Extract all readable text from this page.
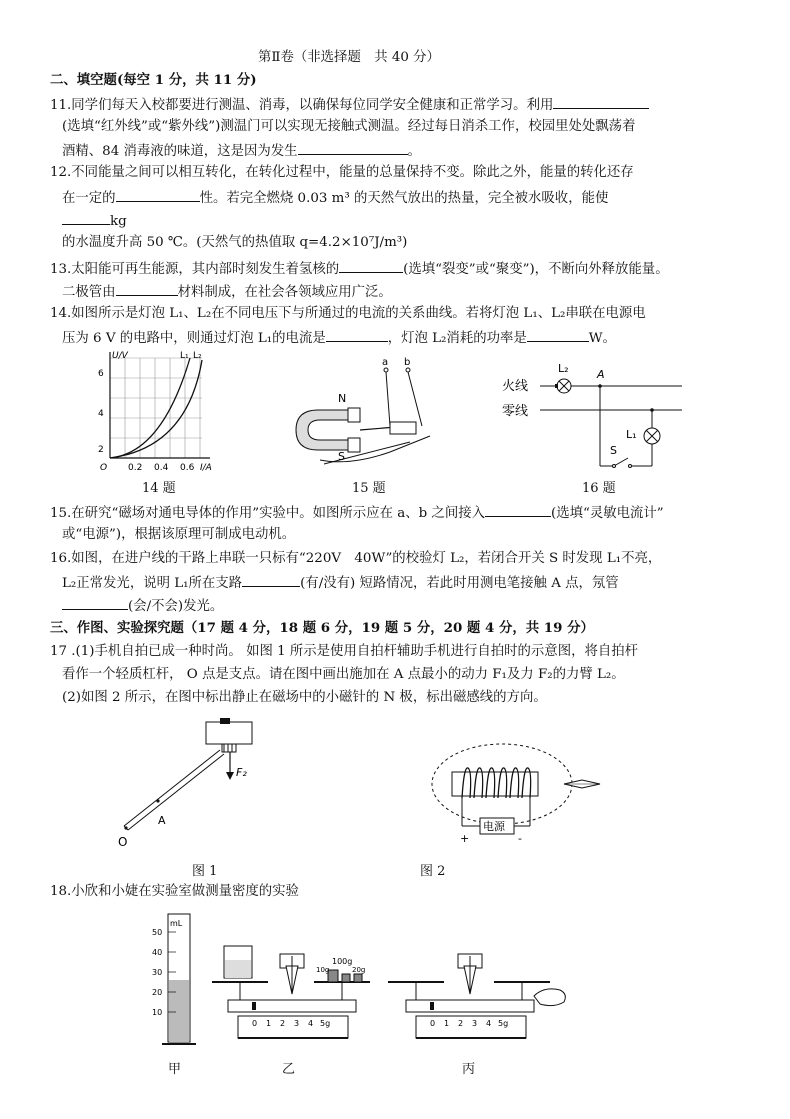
第Ⅱ卷（非选择题　共 40 分）
二、填空题(每空 1 分，共 11 分)
11.同学们每天入校都要进行测温、消毒，以确保每位同学安全健康和正常学习。利用
(选填“红外线”或“紫外线”)测温门可以实现无接触式测温。经过每日消杀工作，校园里处处飘荡着
酒精、84 消毒液的味道，这是因为发生	。
12.不同能量之间可以相互转化，在转化过程中，能量的总量保持不变。除此之外，能量的转化还存
在一定的	性。若完全燃烧 0.03 m³ 的天然气放出的热量，完全被水吸收，能使
kg
的水温度升高 50 ℃。(天然气的热值取 q=4.2×10⁷J/m³)
13.太阳能可再生能源，其内部时刻发生着氢核的	(选填“裂变”或“聚变”)，不断向外释放能量。
二极管由	材料制成，在社会各领域应用广泛。
14.如图所示是灯泡 L₁、L₂在不同电压下与所通过的电流的关系曲线。若将灯泡 L₁、L₂串联在电源电
压为 6 V 的电路中，则通过灯泡 L₁的电流是	，灯泡 L₂消耗的功率是	W。
U/V	L₁ L₂
6
4
2
O 0.2 0.4 0.6 I/A
14 题
a b
N
S
15 题
火线
零线
L₂	A
L₁
S
16 题
15.在研究“磁场对通电导体的作用”实验中。如图所示应在 a、b 之间接入	(选填“灵敏电流计”
或“电源”)，根据该原理可制成电动机。
16.如图，在进户线的干路上串联一只标有“220V　40W”的校验灯 L₂，若闭合开关 S 时发现 L₁不亮，
L₂正常发光，说明 L₁所在支路	(有/没有) 短路情况，若此时用测电笔接触 A 点，氖管
(会/不会)发光。
三、作图、实验探究题（17 题 4 分，18 题 6 分，19 题 5 分，20 题 4 分，共 19 分）
17 .(1)手机自拍已成一种时尚。 如图 1 所示是使用自拍杆辅助手机进行自拍时的示意图，将自拍杆
看作一个轻质杠杆， O 点是支点。请在图中画出施加在 A 点最小的动力 F₁及力 F₂的力臂 L₂。
(2)如图 2 所示，在图中标出静止在磁场中的小磁针的 N 极，标出磁感线的方向。
F₂
A
O
图 1
电源
+	-
图 2
18.小欣和小婕在实验室做测量密度的实验
mL
50
40
30
20
10
甲
100g
10g	20g
0 1 2 3 4 5g
乙
0 1 2 3 4 5g
丙
